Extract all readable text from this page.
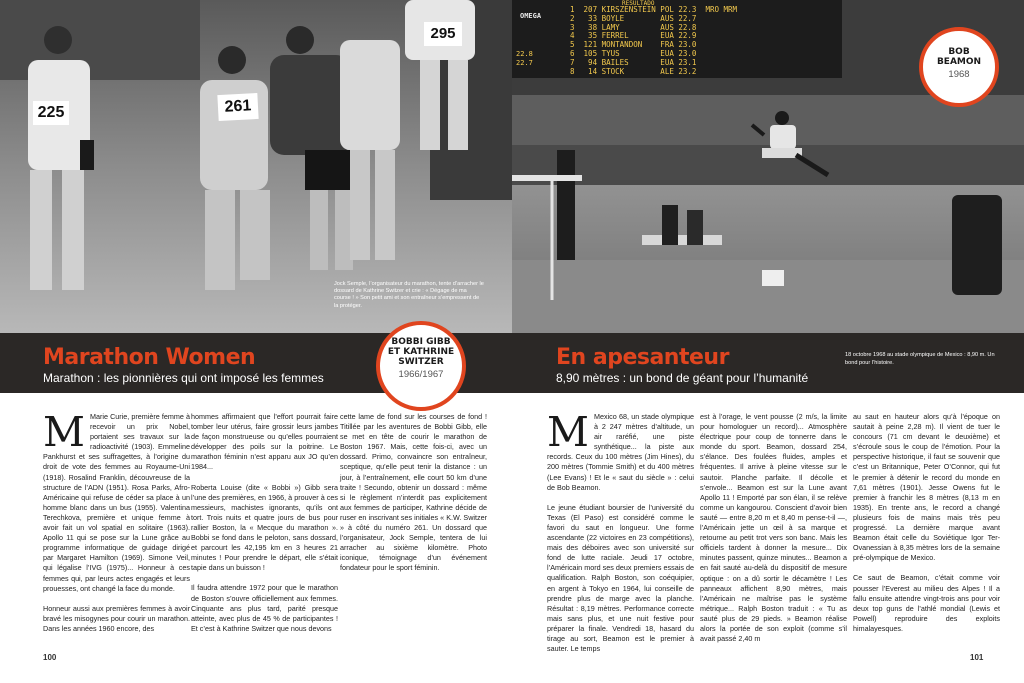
225	261
295
Jock Semple, l’organisateur du marathon, tente d’arracher le dossard de Kathrine Switzer et crie : « Dégage de ma course ! » Son petit ami et son entraîneur s’empressent de la protéger.
Marathon Women
Marathon : les pionnières qui ont imposé les femmes
BOBBI GIBB
ET KATHRINE
SWITZER
1966/1967

M Marie Curie, première femme à recevoir un prix Nobel, portaient ses travaux sur la radioactivité (1903). Emmeline Pankhurst et ses suffragettes, à l’origine du droit de vote des femmes au Royaume-Uni (1918). Rosalind Franklin, découvreuse de la structure de l’ADN (1951). Rosa Parks, Afro-Américaine qui refuse de céder sa place à un homme blanc dans un bus (1955). Valentina Terechkova, première et unique femme à avoir fait un vol spatial en solitaire (1963). Apollo 11 qui se pose sur la Lune grâce au programme informatique de guidage dirigé par Margaret Hamilton (1969). Simone Veil, qui légalise l’IVG (1975)... Honneur à ces femmes qui, par leurs actes engagés et leurs prouesses, ont changé la face du monde.

Honneur aussi aux premières femmes à avoir bravé les misogynes pour courir un marathon. Dans les années 1960 encore, des

hommes affirmaient que l’effort pourrait faire tomber leur utérus, faire grossir leurs jambes de façon monstrueuse ou qu’elles pourraient développer des poils sur la poitrine. Le marathon féminin n’est apparu aux JO qu’en 1984...

Roberta Louise (dite « Bobbi ») Gibb sera l’une des premières, en 1966, à prouver à ces messieurs, machistes ignorants, qu’ils ont tort. Trois nuits et quatre jours de bus pour rallier Boston, la « Mecque du marathon ». Bobbi se fond dans le peloton, sans dossard, et parcourt les 42,195 km en 3 heures 21 minutes ! Pour prendre le départ, elle s’était tapie dans un buisson !

Il faudra attendre 1972 pour que le marathon de Boston s’ouvre officiellement aux femmes. Cinquante ans plus tard, parité presque atteinte, avec plus de 45 % de participantes ! Et c’est à Kathrine Switzer que nous devons

cette lame de fond sur les courses de fond ! Titillée par les aventures de Bobbi Gibb, elle se met en tête de courir le marathon de Boston 1967. Mais, cette fois-ci, avec un dossard. Primo, convaincre son entraîneur, sceptique, qu’elle peut tenir la distance : un jour, à l’entraînement, elle court 50 km d’une traite ! Secundo, obtenir un dossard : même si le règlement n’interdit pas explicitement aux femmes de participer, Kathrine décide de ruser en inscrivant ses initiales « K.W. Switzer » à côté du numéro 261. Un dossard que l’organisateur, Jock Semple, tentera de lui arracher au sixième kilomètre. Photo iconique, témoignage d’un événement fondateur pour le sport féminin.

100
OMEGA
22.8
22.7
RESULTADO
1  207 KIRSZENSTEIN POL 22.3  MRO MRM
2   33 BOYLE        AUS 22.7
3   38 LAMY         AUS 22.8
4   35 FERREL       EUA 22.9
5  121 MONTANDON    FRA 23.0
6  105 TYUS         EUA 23.0
7   94 BAILES       EUA 23.1
8   14 STOCK        ALE 23.2
En apesanteur
8,90 mètres : un bond de géant pour l’humanité
18 octobre 1968 au stade olympique de Mexico : 8,90 m. Un bond pour l’histoire.
BOB
BEAMON
1968

M Mexico 68, un stade olympique à 2 247 mètres d’altitude, un air raréfié, une piste synthétique... la piste aux records. Ceux du 100 mètres (Jim Hines), du 200 mètres (Tommie Smith) et du 400 mètres (Lee Evans) ! Et le « saut du siècle » : celui de Bob Beamon.

Le jeune étudiant boursier de l’université du Texas (El Paso) est considéré comme le favori du saut en longueur. Une forme ascendante (22 victoires en 23 compétitions), mais des déboires avec son université sur fond de lutte raciale. Jeudi 17 octobre, l’Américain mord ses deux premiers essais de qualification. Ralph Boston, son coéquipier, en argent à Tokyo en 1964, lui conseille de prendre plus de marge avec la planche. Résultat : 8,19 mètres. Performance correcte mais sans plus, et une nuit festive pour préparer la finale. Vendredi 18, hasard du tirage au sort, Beamon est le premier à sauter. Le temps

est à l’orage, le vent pousse (2 m/s, la limite pour homologuer un record)... Atmosphère électrique pour coup de tonnerre dans le monde du sport. Beamon, dossard 254, s’élance. Des foulées fluides, amples et fréquentes. Il arrive à pleine vitesse sur le sautoir. Planche parfaite. Il décolle et s’envole... Beamon est sur la Lune avant Apollo 11 ! Emporté par son élan, il se relève comme un kangourou. Conscient d’avoir bien sauté — entre 8,20 m et 8,40 m pense-t-il —, l’Américain jette un œil à sa marque et retourne au petit trot vers son banc. Mais les officiels tardent à donner la mesure... Dix minutes passent, quinze minutes... Beamon a en fait sauté au-delà du dispositif de mesure optique : on a dû sortir le décamètre ! Les panneaux affichent 8,90 mètres, mais l’Américain ne maîtrise pas le système métrique... Ralph Boston traduit : « Tu as sauté plus de 29 pieds. » Beamon réalise alors la portée de son exploit (comme s’il avait passé 2,40 m

au saut en hauteur alors qu’à l’époque on sautait à peine 2,28 m). Il vient de tuer le concours (71 cm devant le deuxième) et s’écroule sous le coup de l’émotion. Pour la perspective historique, il faut se souvenir que c’est un Britannique, Peter O’Connor, qui fut le premier à détenir le record du monde en 7,61 mètres (1901). Jesse Owens fut le premier à franchir les 8 mètres (8,13 m en 1935). En trente ans, le record a changé plusieurs fois de mains mais très peu progressé. La dernière marque avant Beamon était celle du Soviétique Igor Ter-Ovanessian à 8,35 mètres lors de la semaine pré-olympique de Mexico.

Ce saut de Beamon, c’était comme voir pousser l’Everest au milieu des Alpes ! Il a fallu ensuite attendre vingt-trois ans pour voir deux top guns de l’athlé mondial (Lewis et Powell) reproduire des exploits himalayesques.

101
